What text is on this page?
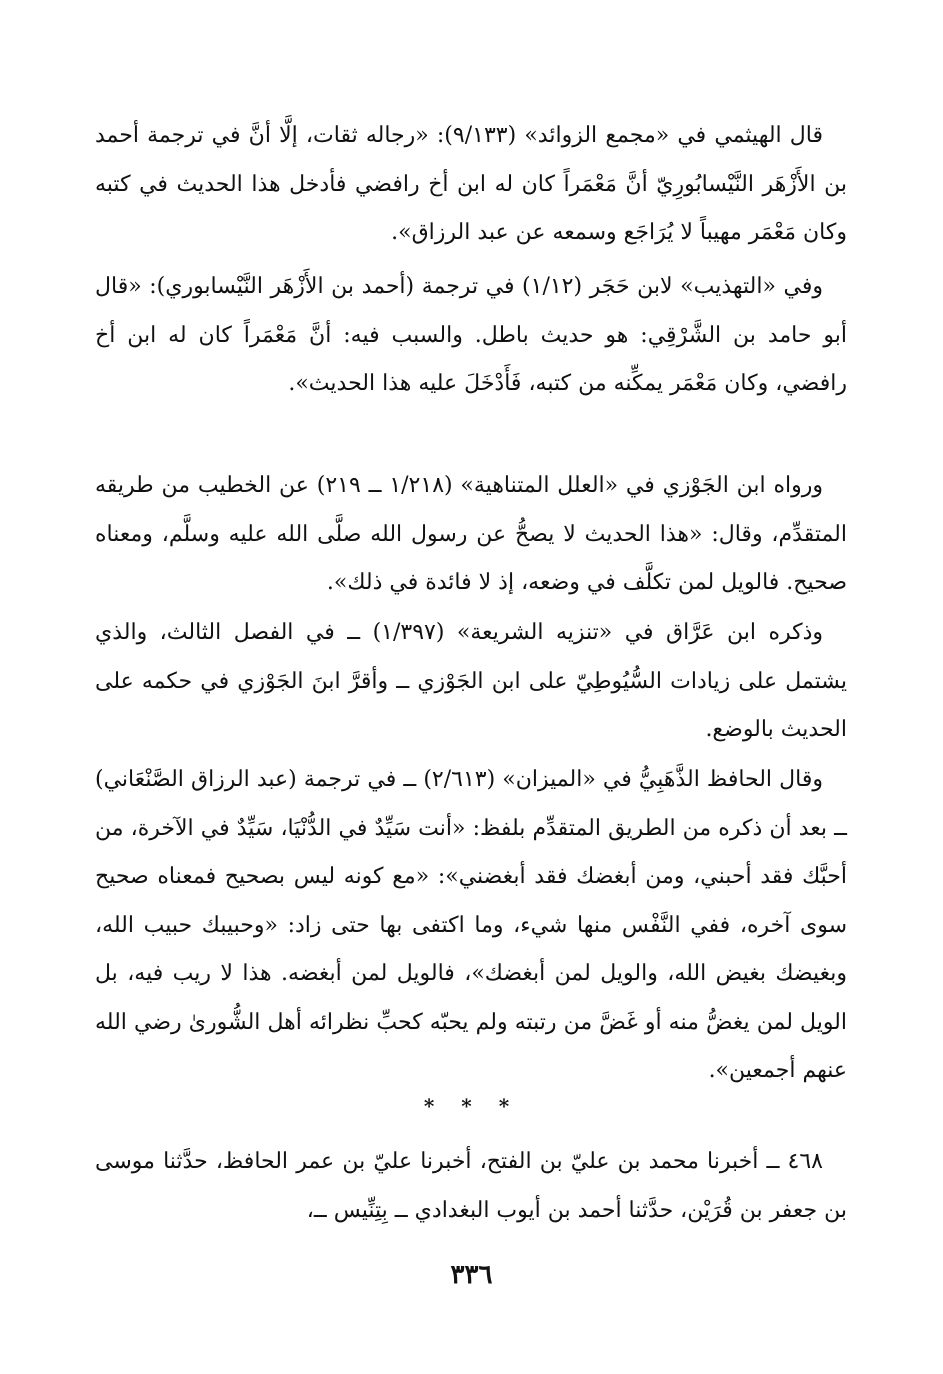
قال الهيثمي في «مجمع الزوائد» (٩/١٣٣): «رجاله ثقات، إلَّا أنَّ في ترجمة أحمد بن الأَزْهَر النَّيْسابُورِيّ أنَّ مَعْمَراً كان له ابن أخ رافضي فأدخل هذا الحديث في كتبه وكان مَعْمَر مهيباً لا يُرَاجَع وسمعه عن عبد الرزاق».

وفي «التهذيب» لابن حَجَر (١/١٢) في ترجمة (أحمد بن الأَزْهَر النَّيْسابوري): «قال أبو حامد بن الشَّرْقِي: هو حديث باطل. والسبب فيه: أنَّ مَعْمَراً كان له ابن أخ رافضي، وكان مَعْمَر يمكِّنه من كتبه، فَأَدْخَلَ عليه هذا الحديث».

ورواه ابن الجَوْزي في «العلل المتناهية» (١/٢١٨ ــ ٢١٩) عن الخطيب من طريقه المتقدِّم، وقال: «هذا الحديث لا يصحُّ عن رسول الله صلَّى الله عليه وسلَّم، ومعناه صحيح. فالويل لمن تكلَّف في وضعه، إذ لا فائدة في ذلك».

وذكره ابن عَرَّاق في «تنزيه الشريعة» (١/٣٩٧) ــ في الفصل الثالث، والذي يشتمل على زيادات السُّيُوطِيّ على ابن الجَوْزي ــ وأقرَّ ابنَ الجَوْزي في حكمه على الحديث بالوضع.

وقال الحافظ الذَّهَبِيُّ في «الميزان» (٢/٦١٣) ــ في ترجمة (عبد الرزاق الصَّنْعَاني) ــ بعد أن ذكره من الطريق المتقدِّم بلفظ: «أنت سَيِّدٌ في الدُّنْيَا، سَيِّدٌ في الآخرة، من أحبَّك فقد أحبني، ومن أبغضك فقد أبغضني»: «مع كونه ليس بصحيح فمعناه صحيح سوى آخره، ففي النَّفْس منها شيء، وما اكتفى بها حتى زاد: «وحبيبك حبيب الله، وبغيضك بغيض الله، والويل لمن أبغضك»، فالويل لمن أبغضه. هذا لا ريب فيه، بل الويل لمن يغضُّ منه أو غَضَّ من رتبته ولم يحبّه كحبِّ نظرائه أهل الشُّورىٰ رضي الله عنهم أجمعين».

* * *

٤٦٨ ــ أخبرنا محمد بن عليّ بن الفتح، أخبرنا عليّ بن عمر الحافظ، حدَّثنا موسى بن جعفر بن قُرَيْن، حدَّثنا أحمد بن أيوب البغدادي ــ بِتِنِّيس ــ،

٣٣٦
